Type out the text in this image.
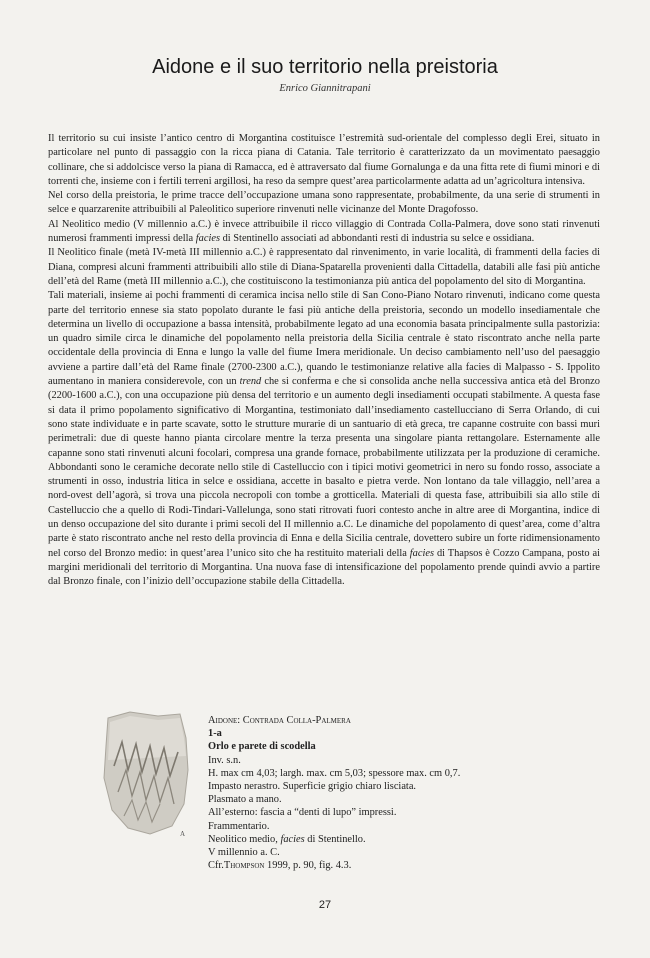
Aidone e il suo territorio nella preistoria
Enrico Giannitrapani

Il territorio su cui insiste l’antico centro di Morgantina costituisce l’estremità sud-orientale del complesso degli Erei, situato in particolare nel punto di passaggio con la ricca piana di Catania. Tale territorio è caratterizzato da un movimentato paesaggio collinare, che si addolcisce verso la piana di Ramacca, ed è attraversato dal fiume Gornalunga e da una fitta rete di fiumi minori e di torrenti che, insieme con i fertili terreni argillosi, ha reso da sempre quest’area particolarmente adatta ad un’agricoltura intensiva.

Nel corso della preistoria, le prime tracce dell’occupazione umana sono rappresentate, probabilmente, da una serie di strumenti in selce e quarzarenite attribuibili al Paleolitico superiore rinvenuti nelle vicinanze del Monte Dragofosso.

Al Neolitico medio (V millennio a.C.) è invece attribuibile il ricco villaggio di Contrada Colla-Palmera, dove sono stati rinvenuti numerosi frammenti impressi della facies di Stentinello associati ad abbondanti resti di industria su selce e ossidiana.

Il Neolitico finale (metà IV-metà III millennio a.C.) è rappresentato dal rinvenimento, in varie località, di frammenti della facies di Diana, compresi alcuni frammenti attribuibili allo stile di Diana-Spatarella provenienti dalla Cittadella, databili alle fasi più antiche dell’età del Rame (metà III millennio a.C.), che costituiscono la testimonianza più antica del popolamento del sito di Morgantina.

Tali materiali, insieme ai pochi frammenti di ceramica incisa nello stile di San Cono-Piano Notaro rinvenuti, indicano come questa parte del territorio ennese sia stato popolato durante le fasi più antiche della preistoria, secondo un modello insediamentale che determina un livello di occupazione a bassa intensità, probabilmente legato ad una economia basata principalmente sulla pastorizia: un quadro simile circa le dinamiche del popolamento nella preistoria della Sicilia centrale è stato riscontrato anche nella parte occidentale della provincia di Enna e lungo la valle del fiume Imera meridionale. Un deciso cambiamento nell’uso del paesaggio avviene a partire dall’età del Rame finale (2700-2300 a.C.), quando le testimonianze relative alla facies di Malpasso - S. Ippolito aumentano in maniera considerevole, con un trend che si conferma e che si consolida anche nella successiva antica età del Bronzo (2200-1600 a.C.), con una occupazione più densa del territorio e un aumento degli insediamenti occupati stabilmente. A questa fase si data il primo popolamento significativo di Morgantina, testimoniato dall’insediamento castellucciano di Serra Orlando, di cui sono state individuate e in parte scavate, sotto le strutture murarie di un santuario di età greca, tre capanne costruite con bassi muri perimetrali: due di queste hanno pianta circolare mentre la terza presenta una singolare pianta rettangolare. Esternamente alle capanne sono stati rinvenuti alcuni focolari, compresa una grande fornace, probabilmente utilizzata per la produzione di ceramiche. Abbondanti sono le ceramiche decorate nello stile di Castelluccio con i tipici motivi geometrici in nero su fondo rosso, associate a strumenti in osso, industria litica in selce e ossidiana, accette in basalto e pietra verde. Non lontano da tale villaggio, nell’area a nord-ovest dell’agorà, si trova una piccola necropoli con tombe a grotticella. Materiali di questa fase, attribuibili sia allo stile di Castelluccio che a quello di Rodì-Tindari-Vallelunga, sono stati ritrovati fuori contesto anche in altre aree di Morgantina, indice di un denso occupazione del sito durante i primi secoli del II millennio a.C. Le dinamiche del popolamento di quest’area, come d’altra parte è stato riscontrato anche nel resto della provincia di Enna e della Sicilia centrale, dovettero subire un forte ridimensionamento nel corso del Bronzo medio: in quest’area l’unico sito che ha restituito materiali della facies di Thapsos è Cozzo Campana, posto ai margini meridionali del territorio di Morgantina. Una nuova fase di intensificazione del popolamento prende quindi avvio a partire dal Bronzo finale, con l’inizio dell’occupazione stabile della Cittadella.

A
Aidone: Contrada Colla-Palmera
1-a
Orlo e parete di scodella
Inv. s.n.
H. max cm 4,03; largh. max. cm 5,03; spessore max. cm 0,7.
Impasto nerastro. Superficie grigio chiaro lisciata.
Plasmato a mano.
All’esterno: fascia a “denti di lupo” impressi.
Frammentario.
Neolitico medio, facies di Stentinello.
V millennio a. C.
Cfr.Thompson 1999, p. 90, fig. 4.3.
27
